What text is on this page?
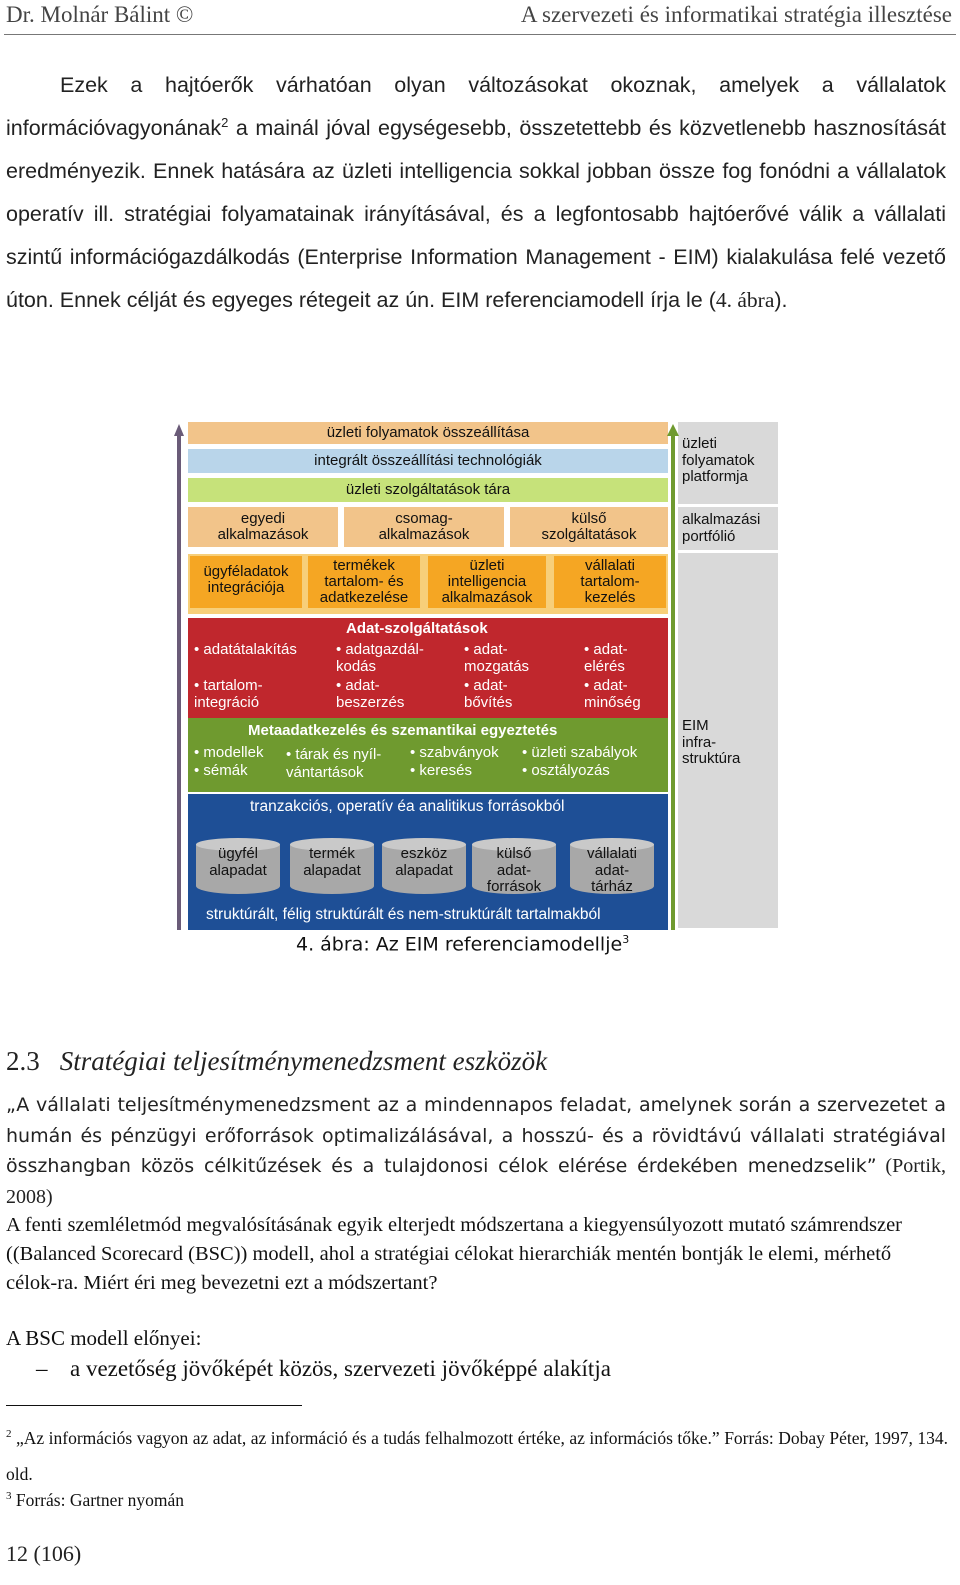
Dr. Molnár Bálint ©	A szervezeti és informatikai stratégia illesztése
Ezek a hajtóerők várhatóan olyan változásokat okoznak, amelyek a vállalatok információvagyonának$^2$ a mainál jóval egységesebb, összetettebb és közvetlenebb hasznosítását eredményezik. Ennek hatására az üzleti intelligencia sokkal jobban össze fog fonódni a vállalatok operatív ill. stratégiai folyamatainak irányításával, és a legfontosabb hajtóerővé válik a vállalati szintű információgazdálkodás (Enterprise Information Management - EIM) kialakulása felé vezető úton. Ennek célját és egyeges rétegeit az ún. EIM referenciamodell írja le (4. ábra).
üzleti
folyamatok
platformja
alkalmazási
portfólió
EIM
infra-
struktúra
üzleti folyamatok összeállítása
integrált összeállítási technológiák
üzleti szolgáltatások tára
egyedi
alkalmazások
csomag-
alkalmazások
külső
szolgáltatások
ügyféladatok
integrációja
termékek
tartalom- és
adatkezelése
üzleti
intelligencia
alkalmazások
vállalati
tartalom-
kezelés
Adat-szolgáltatások
• adatátalakítás	• adatgazdál-
kodás
• adat-
mozgatás
• adat-
elérés
• tartalom-
integráció
• adat-
beszerzés
• adat-
bővítés
• adat-
minőség
Metaadatkezelés és szemantikai egyeztetés
• modellek
• sémák
• tárak és nyíl-
vántartások
• szabványok
• keresés
• üzleti szabályok
• osztályozás
tranzakciós, operatív éa analitikus forrásokból
ügyfél
alapadat
termék
alapadat
eszköz
alapadat
külső
adat-
források
vállalati
adat-
tárház
struktúrált, félig struktúrált és nem-struktúrált tartalmakból
4. ábra: Az EIM referenciamodellje$^3$
2.3 Stratégiai teljesítménymenedzsment eszközök
„A vállalati teljesítménymenedzsment az a mindennapos feladat, amelynek során a szervezetet a humán és pénzügyi erőforrások optimalizálásával, a hosszú- és a rövidtávú vállalati stratégiával összhangban közös célkitűzések és a tulajdonosi célok elérése érdekében menedzselik” (Portik, 2008)
A fenti szemléletmód megvalósításának egyik elterjedt módszertana a kiegyensúlyozott mutató számrendszer ((Balanced Scorecard (BSC)) modell, ahol a stratégiai célokat hierarchiák mentén bontják le elemi, mérhető célok-ra. Miért éri meg bevezetni ezt a módszertant?
A BSC modell előnyei:
– a vezetőség jövőképét közös, szervezeti jövőképpé alakítja
$^2$ „Az információs vagyon az adat, az információ és a tudás felhalmozott értéke, az információs tőke.” Forrás: Dobay Péter, 1997, 134. old.
$^3$ Forrás: Gartner nyomán
12 (106)
